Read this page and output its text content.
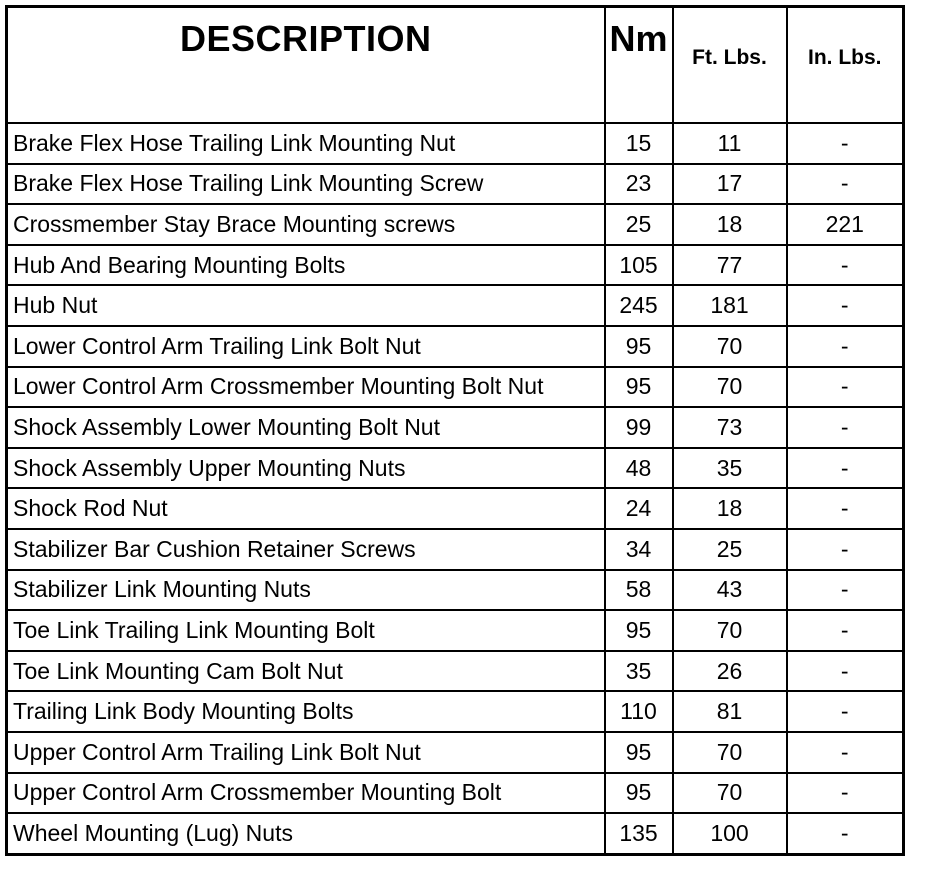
DESCRIPTION	Nm	Ft. Lbs.	In. Lbs.
Brake Flex Hose Trailing Link Mounting Nut	15	11	-
Brake Flex Hose Trailing Link Mounting Screw	23	17	-
Crossmember Stay Brace Mounting screws	25	18	221
Hub And Bearing Mounting Bolts	105	77	-
Hub Nut	245	181	-
Lower Control Arm Trailing Link Bolt Nut	95	70	-
Lower Control Arm Crossmember Mounting Bolt Nut	95	70	-
Shock Assembly Lower Mounting Bolt Nut	99	73	-
Shock Assembly Upper Mounting Nuts	48	35	-
Shock Rod Nut	24	18	-
Stabilizer Bar Cushion Retainer Screws	34	25	-
Stabilizer Link Mounting Nuts	58	43	-
Toe Link Trailing Link Mounting Bolt	95	70	-
Toe Link Mounting Cam Bolt Nut	35	26	-
Trailing Link Body Mounting Bolts	110	81	-
Upper Control Arm Trailing Link Bolt Nut	95	70	-
Upper Control Arm Crossmember Mounting Bolt	95	70	-
Wheel Mounting (Lug) Nuts	135	100	-
